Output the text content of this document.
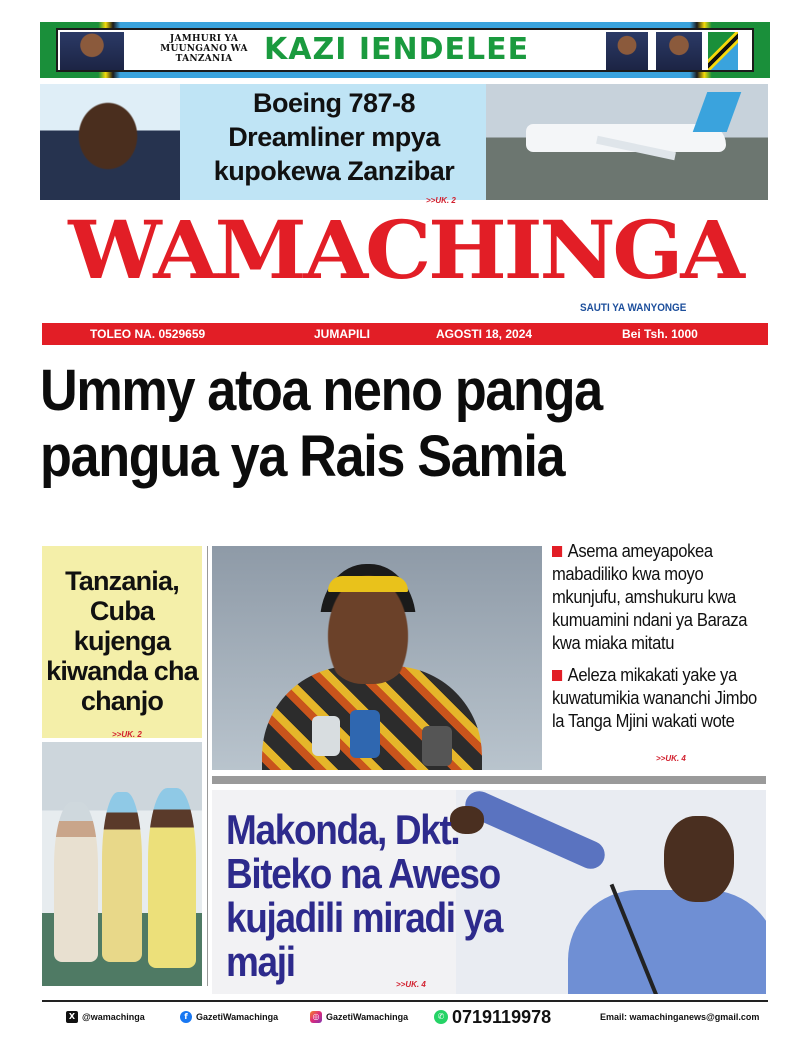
JAMHURI YA MUUNGANO WA TANZANIA	KAZI IENDELEE
Boeing 787-8 Dreamliner mpya kupokewa Zanzibar
>>UK. 2
WAMACHINGA
SAUTI YA WANYONGE
TOLEO NA. 0529659	JUMAPILI	AGOSTI 18, 2024	Bei Tsh. 1000
Ummy atoa neno panga pangua ya Rais Samia
Tanzania, Cuba kujenga kiwanda cha chanjo
>>UK. 2
Asema ameyapokea mabadiliko kwa moyo mkunjufu, amshukuru kwa kumuamini ndani ya Baraza kwa miaka mitatu
Aeleza mikakati yake ya kuwatumikia wananchi Jimbo la Tanga Mjini wakati wote
>>UK. 4
Makonda, Dkt. Biteko na Aweso kujadili miradi ya maji	>>UK. 4
X @wamachinga	f GazetiWamachinga	◎ GazetiWamachinga	✆ 0719119978	Email: wamachinganews@gmail.com
